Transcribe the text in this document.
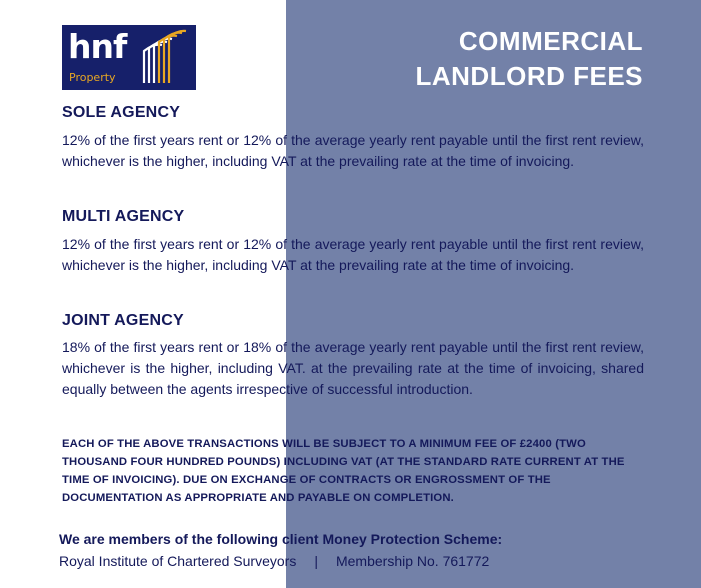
hnf
Property
COMMERCIAL
LANDLORD FEES
SOLE AGENCY
12% of the first years rent or 12% of the average yearly rent payable until the first rent review, whichever is the higher, including VAT at the prevailing rate at the time of invoicing.
MULTI AGENCY
12% of the first years rent or 12% of the average yearly rent payable until the first rent review, whichever is the higher, including VAT at the prevailing rate at the time of invoicing.
JOINT AGENCY
18% of the first years rent or 18% of the average yearly rent payable until the first rent review, whichever is the higher, including VAT. at the prevailing rate at the time of invoicing, shared equally between the agents irrespective of successful introduction.
EACH OF THE ABOVE TRANSACTIONS WILL BE SUBJECT TO A MINIMUM FEE OF £2400 (TWO THOUSAND FOUR HUNDRED POUNDS) INCLUDING VAT (AT THE STANDARD RATE CURRENT AT THE TIME OF INVOICING). DUE ON EXCHANGE OF CONTRACTS OR ENGROSSMENT OF THE DOCUMENTATION AS APPROPRIATE AND PAYABLE ON COMPLETION.
We are members of the following client Money Protection Scheme:
Royal Institute of Chartered Surveyors | Membership No. 761772
